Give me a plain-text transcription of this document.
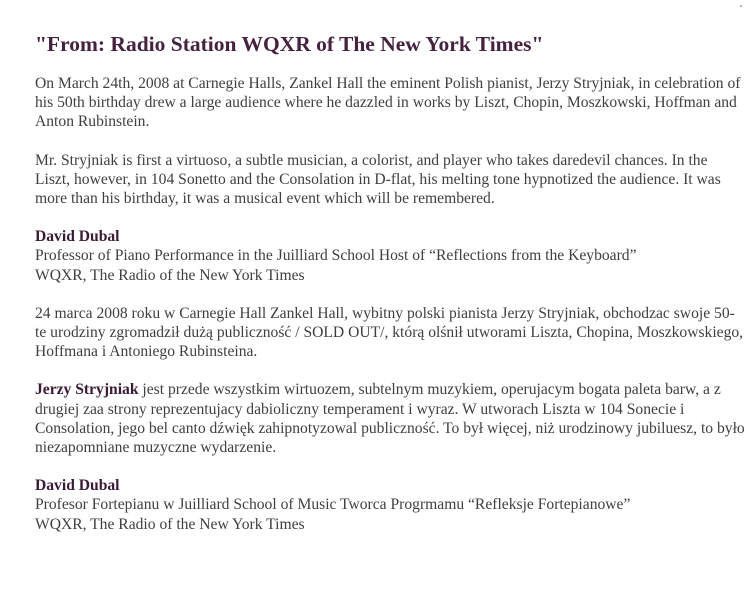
"From: Radio Station WQXR of The New York Times"

On March 24th, 2008 at Carnegie Halls, Zankel Hall the eminent Polish pianist, Jerzy Stryjniak, in celebration of his 50th birthday drew a large audience where he dazzled in works by Liszt, Chopin, Moszkowski, Hoffman and Anton Rubinstein.

Mr. Stryjniak is first a virtuoso, a subtle musician, a colorist, and player who takes daredevil chances. In the Liszt, however, in 104 Sonetto and the Consolation in D-flat, his melting tone hypnotized the audience. It was more than his birthday, it was a musical event which will be remembered.

David Dubal
Professor of Piano Performance in the Juilliard School Host of “Reflections from the Keyboard”
WQXR, The Radio of the New York Times

24 marca 2008 roku w Carnegie Hall Zankel Hall, wybitny polski pianista Jerzy Stryjniak, obchodzac swoje 50-te urodziny zgromadził dużą publiczność / SOLD OUT/, którą olśnił utworami Liszta, Chopina, Moszkowskiego, Hoffmana i Antoniego Rubinsteina.

Jerzy Stryjniak jest przede wszystkim wirtuozem, subtelnym muzykiem, operujacym bogata paleta barw, a z drugiej zaa strony reprezentujacy dabioliczny temperament i wyraz. W utworach Liszta w 104 Sonecie i Consolation, jego bel canto dźwięk zahipnotyzowal publiczność. To był więcej, niż urodzinowy jubiluesz, to było niezapomniane muzyczne wydarzenie.

David Dubal
Profesor Fortepianu w Juilliard School of Music Tworca Progrmamu “Refleksje Fortepianowe”
WQXR, The Radio of the New York Times
